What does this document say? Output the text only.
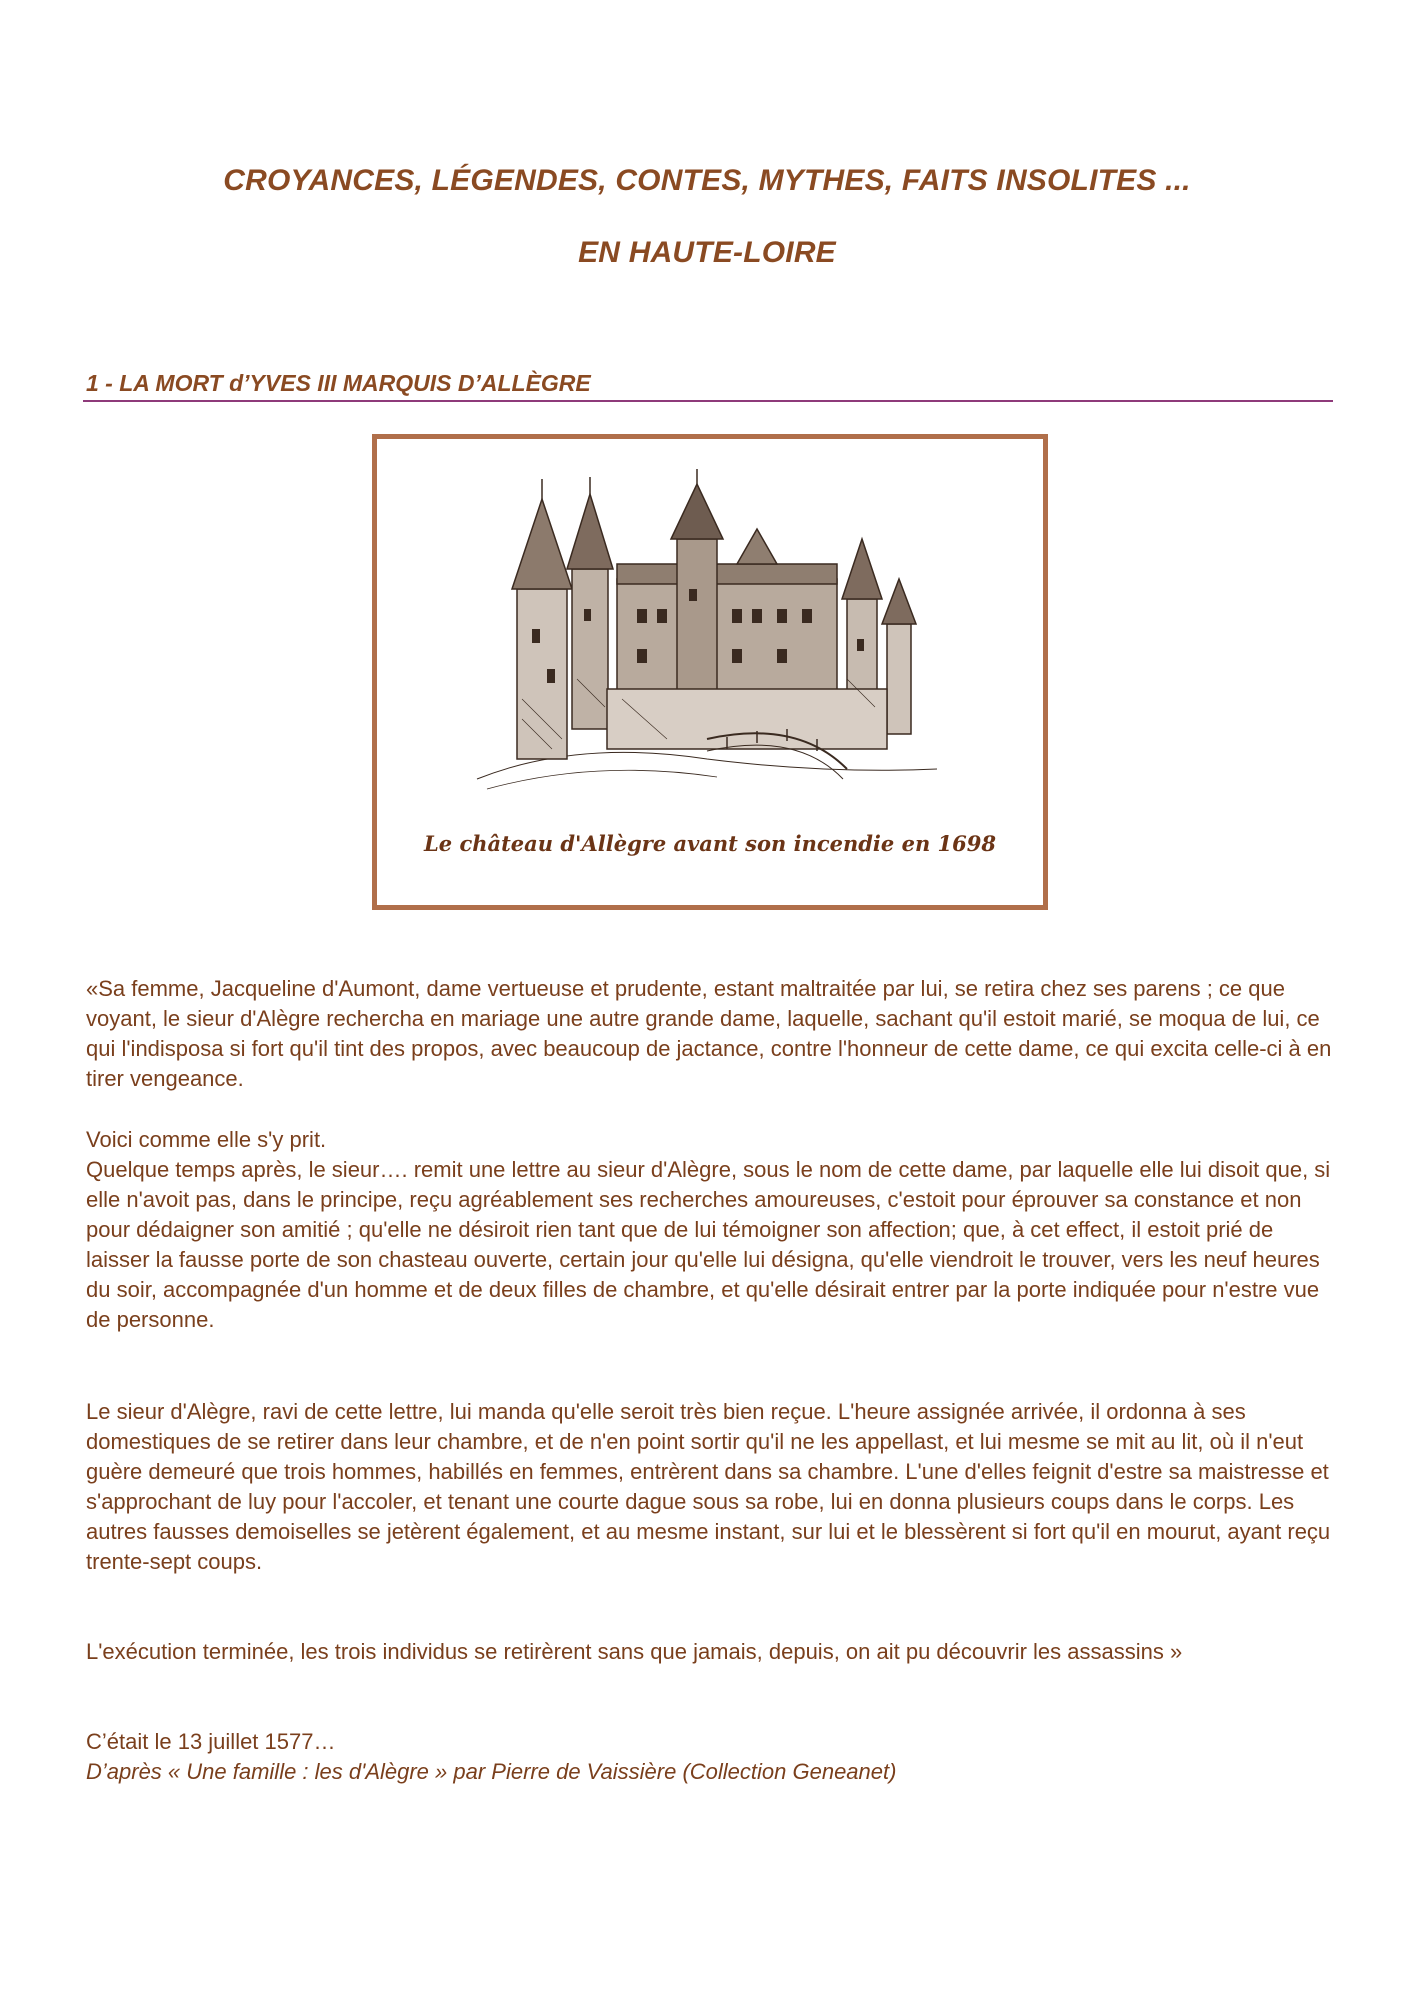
CROYANCES, LÉGENDES, CONTES, MYTHES, FAITS INSOLITES ...
EN HAUTE-LOIRE
1 - LA MORT d’YVES III MARQUIS D’ALLÈGRE
Le château d'Allègre avant son incendie en 1698

«Sa femme, Jacqueline d'Aumont, dame vertueuse et prudente, estant maltraitée par lui, se retira chez ses parens ; ce que voyant, le sieur d'Alègre rechercha en mariage une autre grande dame, laquelle, sachant qu'il estoit marié, se moqua de lui, ce qui l'indisposa si fort qu'il tint des propos, avec beaucoup de jactance, contre l'honneur de cette dame, ce qui excita celle-ci à en tirer vengeance.

Voici comme elle s'y prit.

Quelque temps après, le sieur…. remit une lettre au sieur d'Alègre, sous le nom de cette dame, par laquelle elle lui disoit que, si elle n'avoit pas, dans le principe, reçu agréablement ses recherches amoureuses, c'estoit pour éprouver sa constance et non pour dédaigner son amitié ; qu'elle ne désiroit rien tant que de lui témoigner son affection; que, à cet effect, il estoit prié de laisser la fausse porte de son chasteau ouverte, certain jour qu'elle lui désigna, qu'elle viendroit le trouver, vers les neuf heures du soir, accompagnée d'un homme et de deux filles de chambre, et qu'elle désirait entrer par la porte indiquée pour n'estre vue de personne.

Le sieur d'Alègre, ravi de cette lettre, lui manda qu'elle seroit très bien reçue. L'heure assignée arrivée, il ordonna à ses domestiques de se retirer dans leur chambre, et de n'en point sortir qu'il ne les appellast, et lui mesme se mit au lit, où il n'eut guère demeuré que trois hommes, habillés en femmes, entrèrent dans sa chambre. L'une d'elles feignit d'estre sa maistresse et s'approchant de luy pour l'accoler, et tenant une courte dague sous sa robe, lui en donna plusieurs coups dans le corps. Les autres fausses demoiselles se jetèrent également, et au mesme instant, sur lui et le blessèrent si fort qu'il en mourut, ayant reçu trente-sept coups.

L'exécution terminée, les trois individus se retirèrent sans que jamais, depuis, on ait pu découvrir les assassins »

C’était le 13 juillet 1577…

D’après « Une famille : les d'Alègre » par Pierre de Vaissière (Collection Geneanet)
